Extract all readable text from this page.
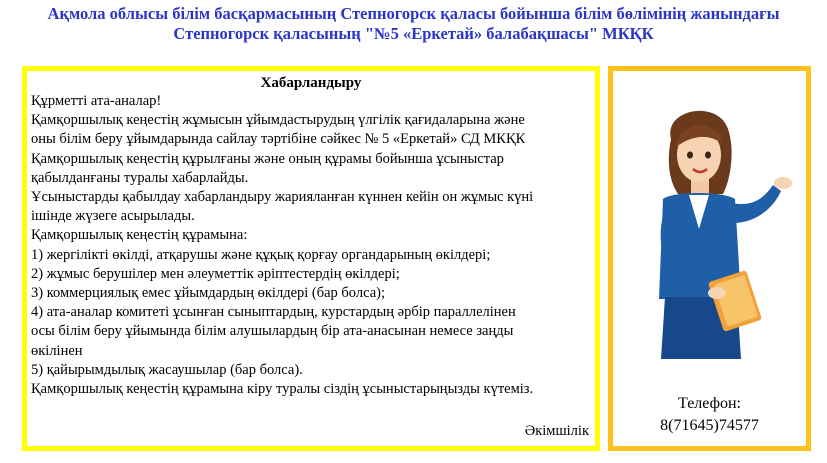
Ақмола облысы білім басқармасының Степногорск қаласы бойынша білім бөлімінің жанындағы
Степногорск қаласының "№5 «Еркетай» балабақшасы" МКҚК
Хабарландыру

Құрметті ата-аналар!

Қамқоршылық кеңестің жұмысын ұйымдастырудың үлгілік қағидаларына және

оны білім беру ұйымдарында сайлау тәртібіне сәйкес № 5 «Еркетай» СД МКҚК

Қамқоршылық кеңестің құрылғаны және оның құрамы бойынша ұсыныстар

қабылданғаны туралы хабарлайды.

Ұсыныстарды қабылдау хабарландыру жарияланған күннен кейін он жұмыс күні

ішінде жүзеге асырылады.

Қамқоршылық кеңестің құрамына:

1) жергілікті өкілді, атқарушы және құқық қорғау органдарының өкілдері;

2) жұмыс берушілер мен әлеуметтік әріптестердің өкілдері;

3) коммерциялық емес ұйымдардың өкілдері (бар болса);

4) ата-аналар комитеті ұсынған сыныптардың, курстардың әрбір параллелінен

осы білім беру ұйымында білім алушылардың бір ата-анасынан немесе заңды

өкілінен

5) қайырымдылық жасаушылар (бар болса).

Қамқоршылық кеңестің құрамына кіру туралы сіздің ұсыныстарыңызды күтеміз.

Әкімшілік
Телефон:
8(71645)74577
